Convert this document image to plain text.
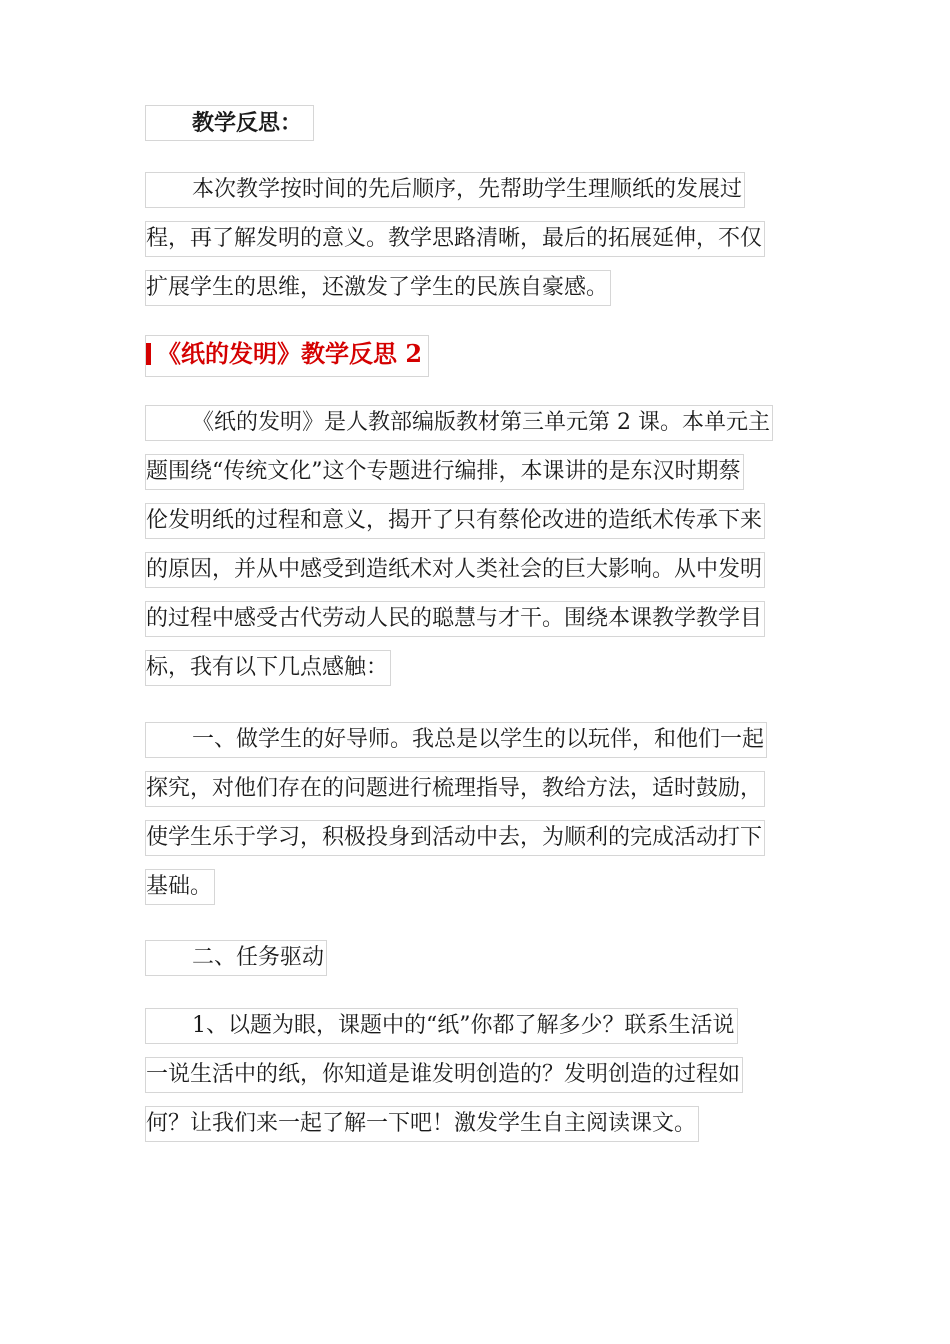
教学反思：
本次教学按时间的先后顺序，先帮助学生理顺纸的发展过
程，再了解发明的意义。教学思路清晰，最后的拓展延伸，不仅
扩展学生的思维，还激发了学生的民族自豪感。
《纸的发明》教学反思 2
《纸的发明》是人教部编版教材第三单元第 2 课。本单元主
题围绕“传统文化”这个专题进行编排，本课讲的是东汉时期蔡
伦发明纸的过程和意义，揭开了只有蔡伦改进的造纸术传承下来
的原因，并从中感受到造纸术对人类社会的巨大影响。从中发明
的过程中感受古代劳动人民的聪慧与才干。围绕本课教学教学目
标，我有以下几点感触：
一、做学生的好导师。我总是以学生的以玩伴，和他们一起
探究，对他们存在的问题进行梳理指导，教给方法，适时鼓励，
使学生乐于学习，积极投身到活动中去，为顺利的完成活动打下
基础。
二、任务驱动
1、以题为眼，课题中的“纸”你都了解多少？联系生活说
一说生活中的纸，你知道是谁发明创造的？发明创造的过程如
何？让我们来一起了解一下吧！激发学生自主阅读课文。
